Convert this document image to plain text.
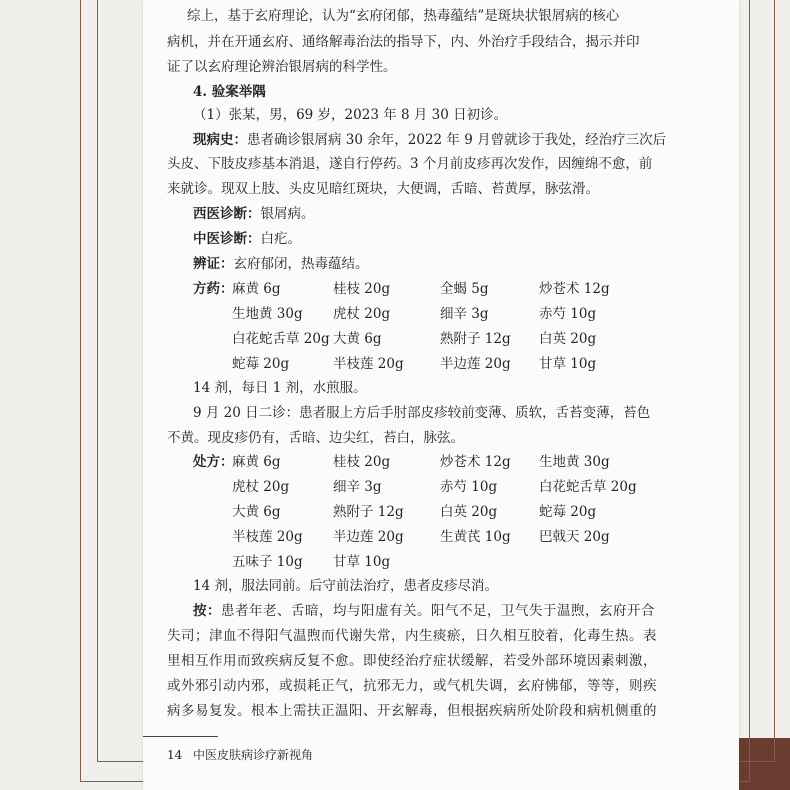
综上，基于玄府理论，认为“玄府闭郁，热毒蕴结”是斑块状银屑病的核心
病机，并在开通玄府、通络解毒治法的指导下，内、外治疗手段结合，揭示并印
证了以玄府理论辨治银屑病的科学性。
4. 验案举隅
（1）张某，男，69 岁，2023 年 8 月 30 日初诊。
现病史：患者确诊银屑病 30 余年，2022 年 9 月曾就诊于我处，经治疗三次后
头皮、下肢皮疹基本消退，遂自行停药。3 个月前皮疹再次发作，因缠绵不愈，前
来就诊。现双上肢、头皮见暗红斑块，大便调，舌暗、苔黄厚，脉弦滑。
西医诊断：银屑病。
中医诊断：白疕。
辨证：玄府郁闭，热毒蕴结。
方药：
麻黄 6g	桂枝 20g	全蝎 5g	炒苍术 12g
生地黄 30g 虎杖 20g	细辛 3g	赤芍 10g
白花蛇舌草 20g 大黄 6g	熟附子 12g 白英 20g
蛇莓 20g	半枝莲 20g	半边莲 20g 甘草 10g
14 剂，每日 1 剂，水煎服。
9 月 20 日二诊：患者服上方后手肘部皮疹较前变薄、质软，舌苔变薄，苔色
不黄。现皮疹仍有，舌暗、边尖红，苔白，脉弦。
处方：
麻黄 6g	桂枝 20g	炒苍术 12g 生地黄 30g
虎杖 20g	细辛 3g	赤芍 10g	白花蛇舌草 20g
大黄 6g	熟附子 12g	白英 20g	蛇莓 20g
半枝莲 20g 半边莲 20g	生黄芪 10g 巴戟天 20g
五味子 10g 甘草 10g
14 剂，服法同前。后守前法治疗，患者皮疹尽消。
按：患者年老、舌暗，均与阳虚有关。阳气不足，卫气失于温煦，玄府开合
失司；津血不得阳气温煦而代谢失常，内生痰瘀，日久相互胶着，化毒生热。表
里相互作用而致疾病反复不愈。即使经治疗症状缓解，若受外部环境因素刺激，
或外邪引动内邪，或损耗正气，抗邪无力，或气机失调，玄府怫郁，等等，则疾
病多易复发。根本上需扶正温阳、开玄解毒，但根据疾病所处阶段和病机侧重的
14 中医皮肤病诊疗新视角
